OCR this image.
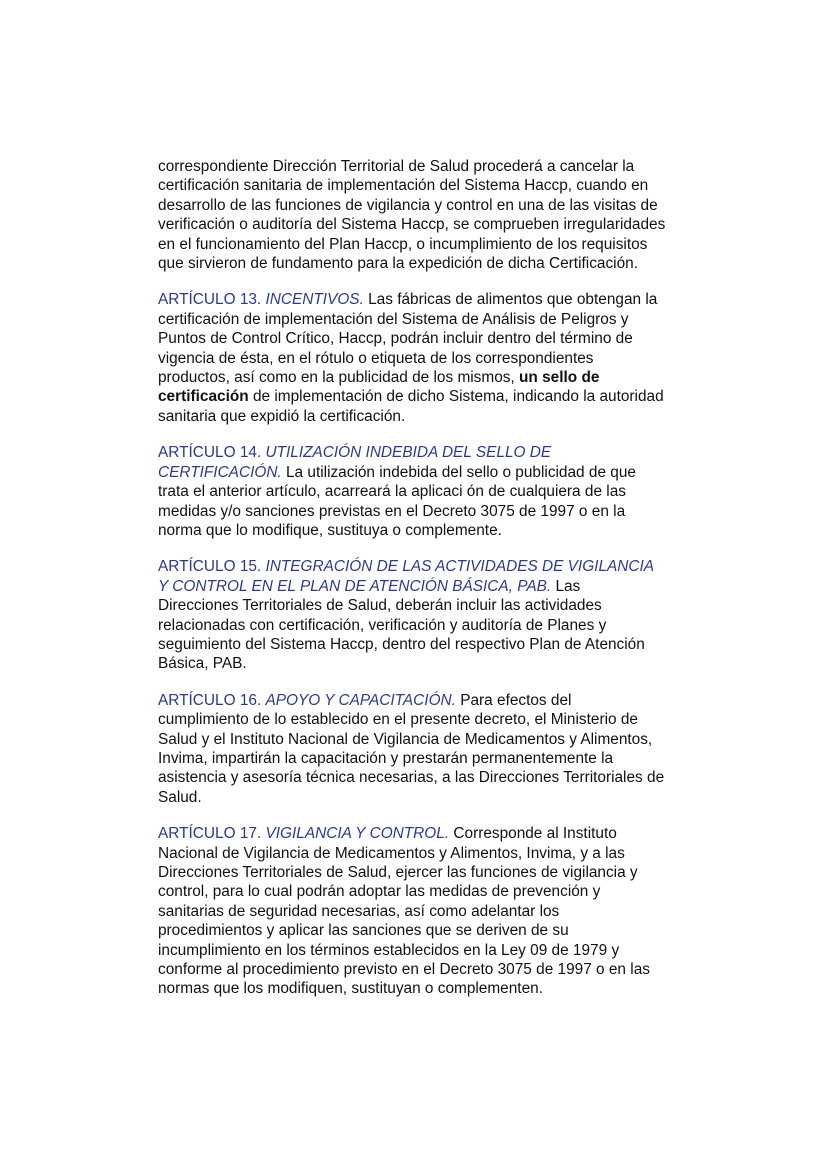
correspondiente Dirección Territorial de Salud procederá a cancelar la
certificación sanitaria de implementación del Sistema Haccp, cuando en
desarrollo de las funciones de vigilancia y control en una de las visitas de
verificación o auditoría del Sistema Haccp, se comprueben irregularidades
en el funcionamiento del Plan Haccp, o incumplimiento de los requisitos
que sirvieron de fundamento para la expedición de dicha Certificación.
ARTÍCULO 13. INCENTIVOS. Las fábricas de alimentos que obtengan la
certificación de implementación del Sistema de Análisis de Peligros y
Puntos de Control Crítico, Haccp, podrán incluir dentro del término de
vigencia de ésta, en el rótulo o etiqueta de los correspondientes
productos, así como en la publicidad de los mismos, un sello de
certificación de implementación de dicho Sistema, indicando la autoridad
sanitaria que expidió la certificación.
ARTÍCULO 14. UTILIZACIÓN INDEBIDA DEL SELLO DE
CERTIFICACIÓN. La utilización indebida del sello o publicidad de que
trata el anterior artículo, acarreará la aplicaci ón de cualquiera de las
medidas y/o sanciones previstas en el Decreto 3075 de 1997 o en la
norma que lo modifique, sustituya o complemente.
ARTÍCULO 15. INTEGRACIÓN DE LAS ACTIVIDADES DE VIGILANCIA
Y CONTROL EN EL PLAN DE ATENCIÓN BÁSICA, PAB. Las
Direcciones Territoriales de Salud, deberán incluir las actividades
relacionadas con certificación, verificación y auditoría de Planes y
seguimiento del Sistema Haccp, dentro del respectivo Plan de Atención
Básica, PAB.
ARTÍCULO 16. APOYO Y CAPACITACIÓN. Para efectos del
cumplimiento de lo establecido en el presente decreto, el Ministerio de
Salud y el Instituto Nacional de Vigilancia de Medicamentos y Alimentos,
Invima, impartirán la capacitación y prestarán permanentemente la
asistencia y asesoría técnica necesarias, a las Direcciones Territoriales de
Salud.
ARTÍCULO 17. VIGILANCIA Y CONTROL. Corresponde al Instituto
Nacional de Vigilancia de Medicamentos y Alimentos, Invima, y a las
Direcciones Territoriales de Salud, ejercer las funciones de vigilancia y
control, para lo cual podrán adoptar las medidas de prevención y
sanitarias de seguridad necesarias, así como adelantar los
procedimientos y aplicar las sanciones que se deriven de su
incumplimiento en los términos establecidos en la Ley 09 de 1979 y
conforme al procedimiento previsto en el Decreto 3075 de 1997 o en las
normas que los modifiquen, sustituyan o complementen.
